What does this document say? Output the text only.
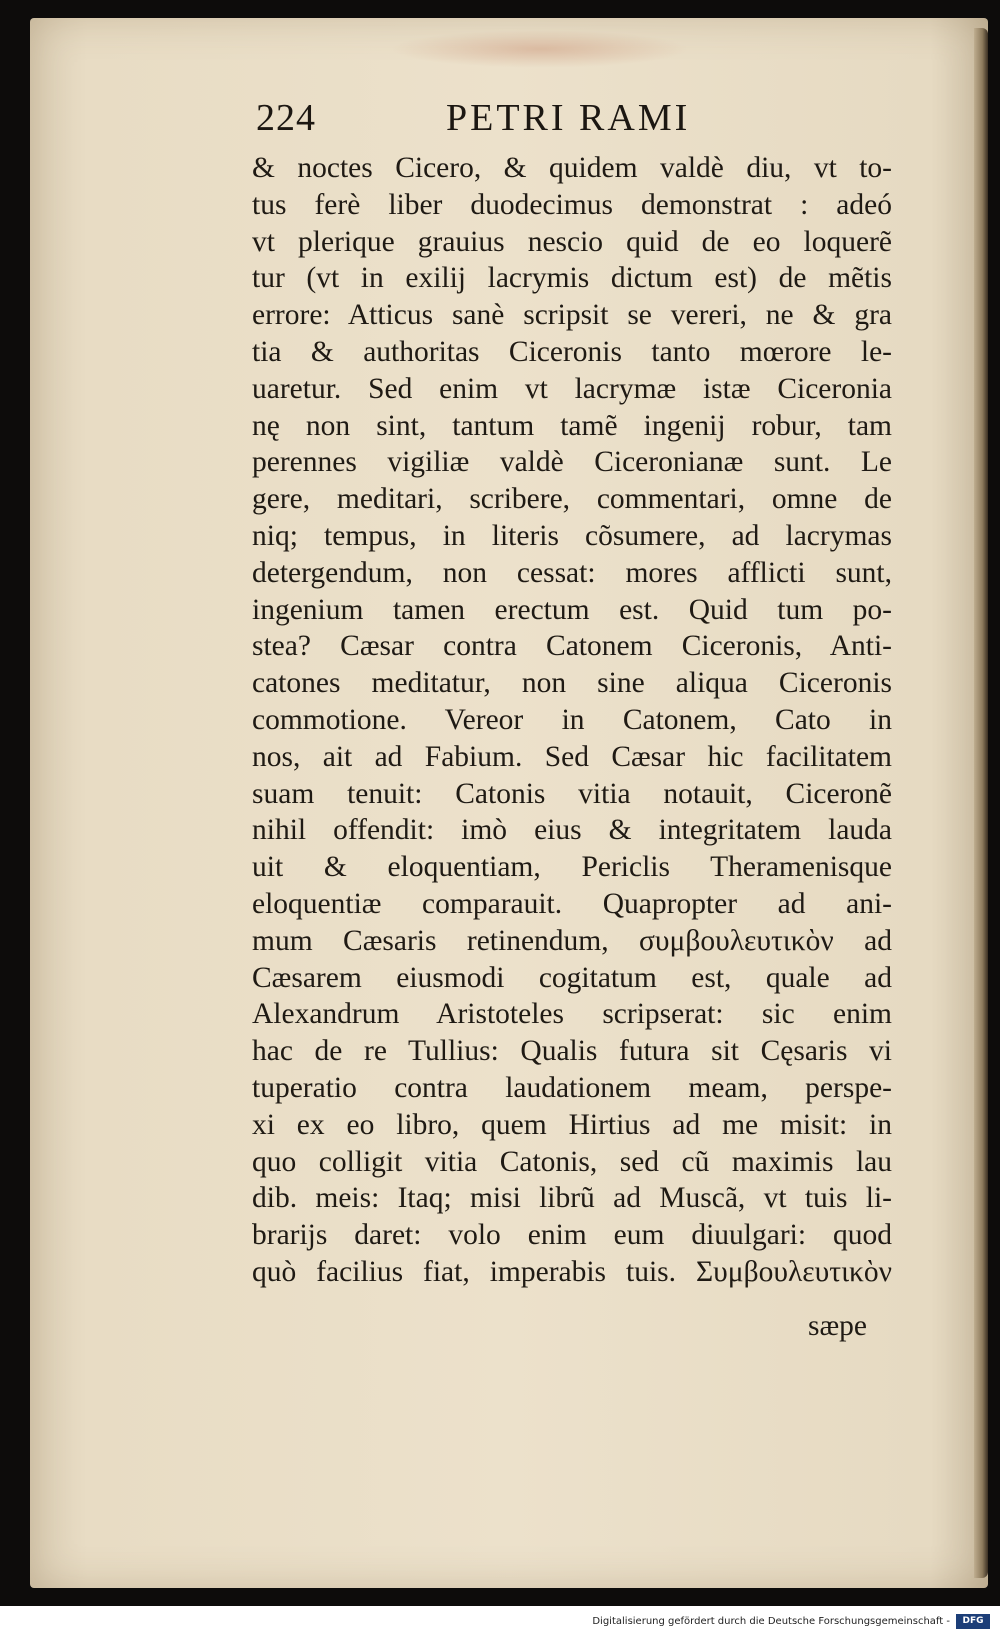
224	PETRI RAMI
& noctes Cicero, & quidem valdè diu, vt to-
tus ferè liber duodecimus demonstrat : adeó
vt plerique grauius nescio quid de eo loquerẽ
tur (vt in exilij lacrymis dictum est) de mẽtis
errore: Atticus sanè scripsit se vereri, ne & gra
tia & authoritas Ciceronis tanto mœrore le-
uaretur. Sed enim vt lacrymæ istæ Ciceronia
nę non sint, tantum tamẽ ingenij robur, tam
perennes vigiliæ valdè Ciceronianæ sunt. Le
gere, meditari, scribere, commentari, omne de
niq; tempus, in literis cõsumere, ad lacrymas
detergendum, non cessat: mores afflicti sunt,
ingenium tamen erectum est. Quid tum po-
stea? Cæsar contra Catonem Ciceronis, Anti-
catones meditatur, non sine aliqua Ciceronis
commotione. Vereor in Catonem, Cato in
nos, ait ad Fabium. Sed Cæsar hic facilitatem
suam tenuit: Catonis vitia notauit, Ciceronẽ
nihil offendit: imò eius & integritatem lauda
uit & eloquentiam, Periclis Theramenisque
eloquentiæ comparauit. Quapropter ad ani-
mum Cæsaris retinendum, συμβουλευτικὸν ad
Cæsarem eiusmodi cogitatum est, quale ad
Alexandrum Aristoteles scripserat: sic enim
hac de re Tullius: Qualis futura sit Cęsaris vi
tuperatio contra laudationem meam, perspe-
xi ex eo libro, quem Hirtius ad me misit: in
quo colligit vitia Catonis, sed cũ maximis lau
dib. meis: Itaq; misi librũ ad Muscã, vt tuis li-
brarijs daret: volo enim eum diuulgari: quod
quò facilius fiat, imperabis tuis. Συμβουλευτικὸν
sæpe
Digitalisierung gefördert durch die Deutsche Forschungsgemeinschaft -	DFG
